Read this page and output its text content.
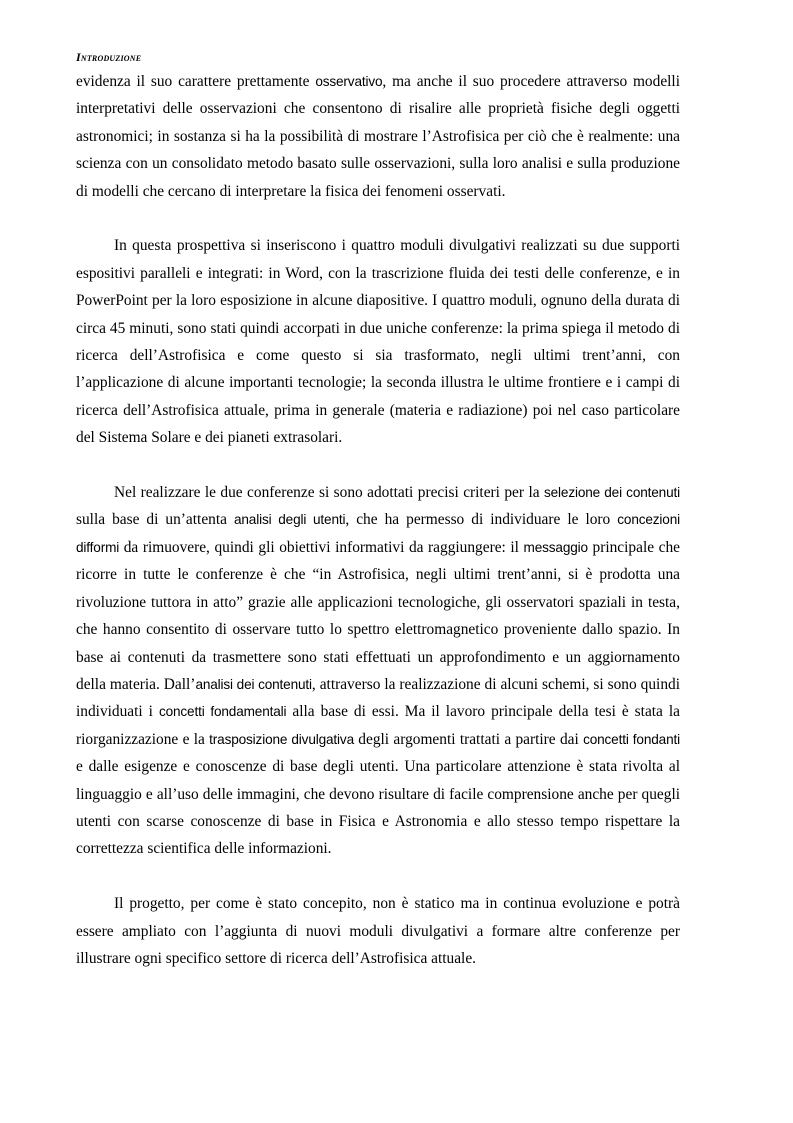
Introduzione

evidenza il suo carattere prettamente osservativo, ma anche il suo procedere attraverso modelli interpretativi delle osservazioni che consentono di risalire alle proprietà fisiche degli oggetti astronomici; in sostanza si ha la possibilità di mostrare l’Astrofisica per ciò che è realmente: una scienza con un consolidato metodo basato sulle osservazioni, sulla loro analisi e sulla produzione di modelli che cercano di interpretare la fisica dei fenomeni osservati.

In questa prospettiva si inseriscono i quattro moduli divulgativi realizzati su due supporti espositivi paralleli e integrati: in Word, con la trascrizione fluida dei testi delle conferenze, e in PowerPoint per la loro esposizione in alcune diapositive. I quattro moduli, ognuno della durata di circa 45 minuti, sono stati quindi accorpati in due uniche conferenze: la prima spiega il metodo di ricerca dell’Astrofisica e come questo si sia trasformato, negli ultimi trent’anni, con l’applicazione di alcune importanti tecnologie; la seconda illustra le ultime frontiere e i campi di ricerca dell’Astrofisica attuale, prima in generale (materia e radiazione) poi nel caso particolare del Sistema Solare e dei pianeti extrasolari.

Nel realizzare le due conferenze si sono adottati precisi criteri per la selezione dei contenuti sulla base di un’attenta analisi degli utenti, che ha permesso di individuare le loro concezioni difformi da rimuovere, quindi gli obiettivi informativi da raggiungere: il messaggio principale che ricorre in tutte le conferenze è che “in Astrofisica, negli ultimi trent’anni, si è prodotta una rivoluzione tuttora in atto” grazie alle applicazioni tecnologiche, gli osservatori spaziali in testa, che hanno consentito di osservare tutto lo spettro elettromagnetico proveniente dallo spazio. In base ai contenuti da trasmettere sono stati effettuati un approfondimento e un aggiornamento della materia. Dall’analisi dei contenuti, attraverso la realizzazione di alcuni schemi, si sono quindi individuati i concetti fondamentali alla base di essi. Ma il lavoro principale della tesi è stata la riorganizzazione e la trasposizione divulgativa degli argomenti trattati a partire dai concetti fondanti e dalle esigenze e conoscenze di base degli utenti. Una particolare attenzione è stata rivolta al linguaggio e all’uso delle immagini, che devono risultare di facile comprensione anche per quegli utenti con scarse conoscenze di base in Fisica e Astronomia e allo stesso tempo rispettare la correttezza scientifica delle informazioni.

Il progetto, per come è stato concepito, non è statico ma in continua evoluzione e potrà essere ampliato con l’aggiunta di nuovi moduli divulgativi a formare altre conferenze per illustrare ogni specifico settore di ricerca dell’Astrofisica attuale.
